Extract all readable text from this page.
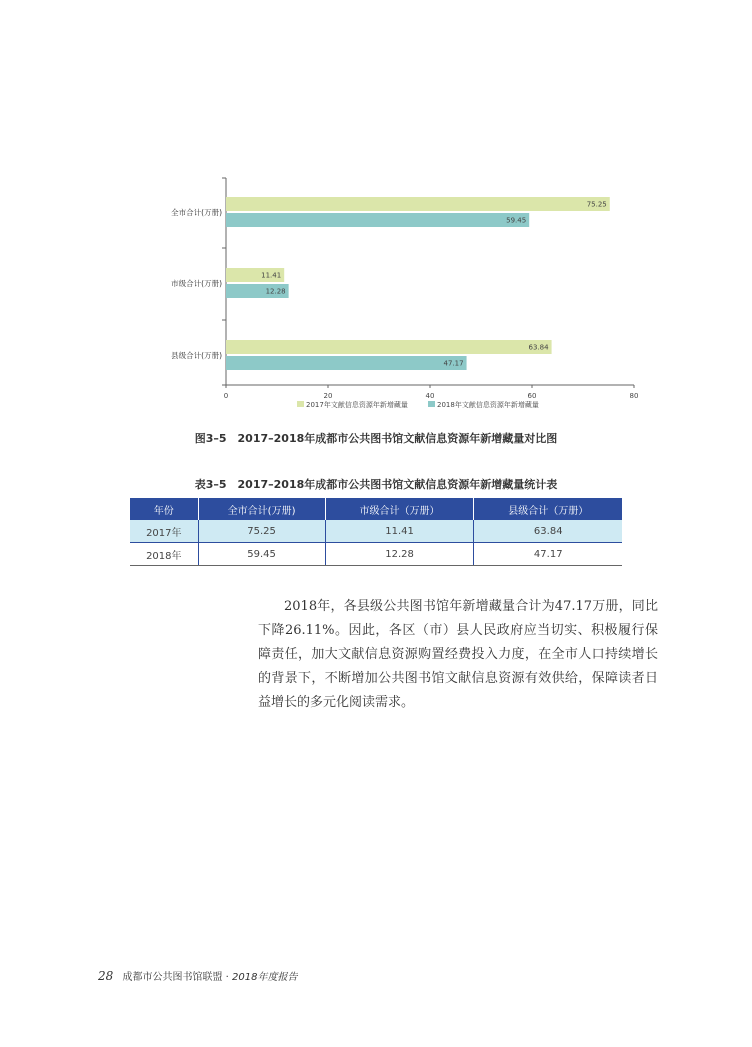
0	20	40	60	80
全市合计(万册)
市级合计(万册)
县级合计(万册)
75.25
11.41
63.84
59.45
12.28
47.17
2017年文献信息资源年新增藏量	2018年文献信息资源年新增藏量
图3–5　2017–2018年成都市公共图书馆文献信息资源年新增藏量对比图
表3–5　2017–2018年成都市公共图书馆文献信息资源年新增藏量统计表
年份	全市合计(万册)	市级合计（万册）	县级合计（万册）
2017年	75.25	11.41	63.84
2018年	59.45	12.28	47.17

2018年，各县级公共图书馆年新增藏量合计为47.17万册，同比下降26.11%。因此，各区（市）县人民政府应当切实、积极履行保障责任，加大文献信息资源购置经费投入力度，在全市人口持续增长的背景下，不断增加公共图书馆文献信息资源有效供给，保障读者日益增长的多元化阅读需求。

28 成都市公共图书馆联盟 · 2018年度报告
